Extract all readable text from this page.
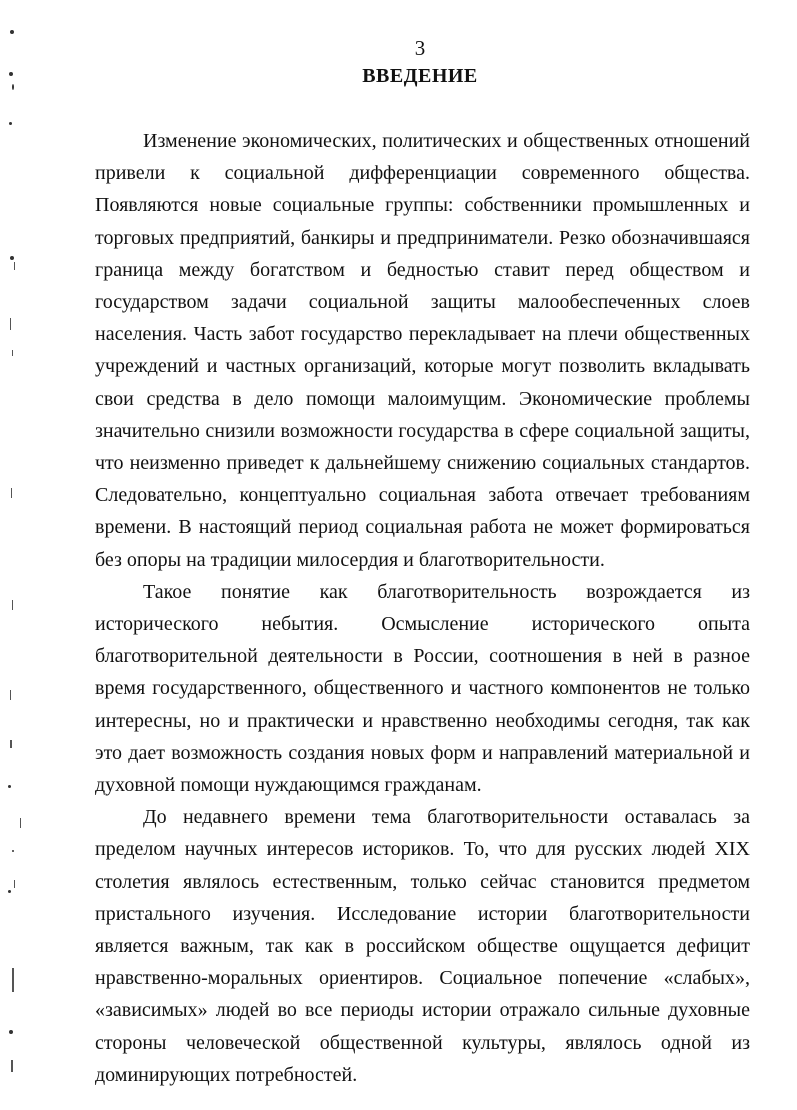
3
ВВЕДЕНИЕ

Изменение экономических, политических и общественных отношений привели к социальной дифференциации современного общества. Появляются новые социальные группы: собственники промышленных и торговых предприятий, банкиры и предприниматели. Резко обозначившаяся граница между богатством и бедностью ставит перед обществом и государством задачи социальной защиты малообеспеченных слоев населения. Часть забот государство перекладывает на плечи общественных учреждений и частных организаций, которые могут позволить вкладывать свои средства в дело помощи малоимущим. Экономические проблемы значительно снизили возможности государства в сфере социальной защиты, что неизменно приведет к дальнейшему снижению социальных стандартов. Следовательно, концептуально социальная забота отвечает требованиям времени. В настоящий период социальная работа не может формироваться без опоры на традиции милосердия и благотворительности.

Такое понятие как благотворительность возрождается из исторического небытия. Осмысление исторического опыта благотворительной деятельности в России, соотношения в ней в разное время государственного, общественного и частного компонентов не только интересны, но и практически и нравственно необходимы сегодня, так как это дает возможность создания новых форм и направлений материальной и духовной помощи нуждающимся гражданам.

До недавнего времени тема благотворительности оставалась за пределом научных интересов историков. То, что для русских людей XIX столетия являлось естественным, только сейчас становится предметом пристального изучения. Исследование истории благотворительности является важным, так как в российском обществе ощущается дефицит нравственно-моральных ориентиров. Социальное попечение «слабых», «зависимых» людей во все периоды истории отражало сильные духовные стороны человеческой общественной культуры, являлось одной из доминирующих потребностей.
